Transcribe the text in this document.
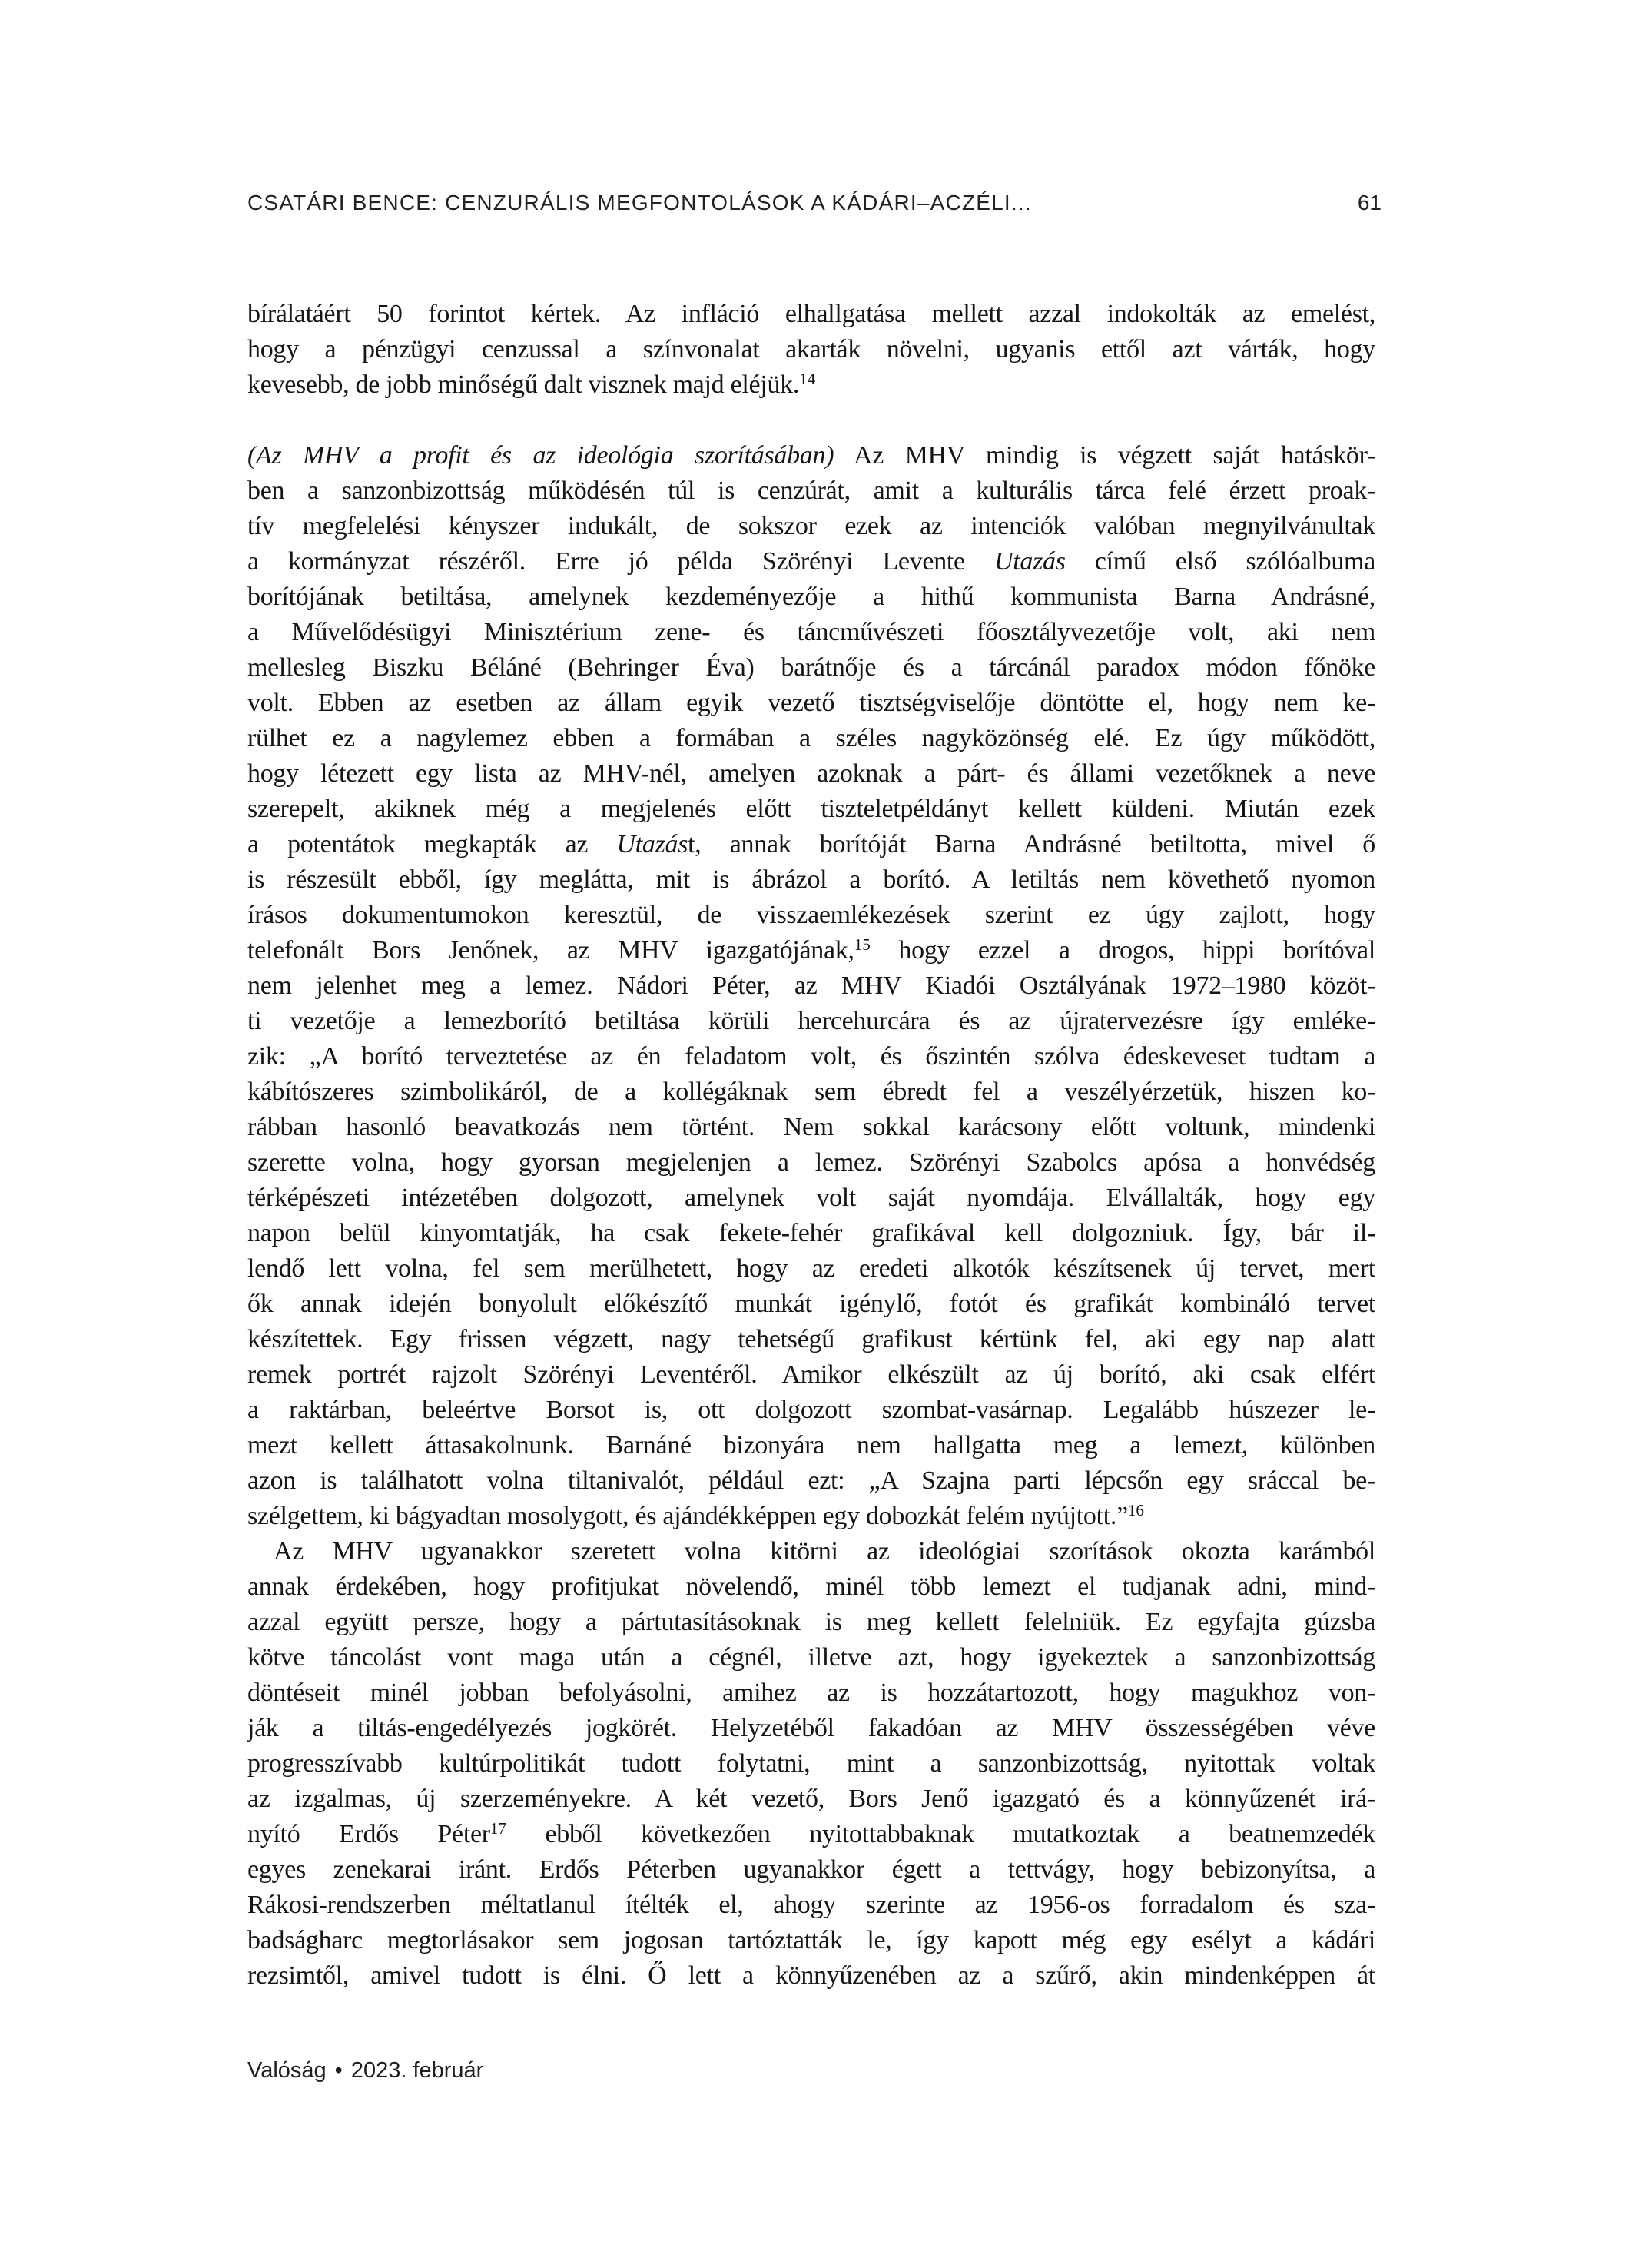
CSATÁRI BENCE: CENZURÁLIS MEGFONTOLÁSOK A KÁDÁRI–ACZÉLI...	61
bírálatáért 50 forintot kértek. Az infláció elhallgatása mellett azzal indokolták az emelést,
hogy a pénzügyi cenzussal a színvonalat akarták növelni, ugyanis ettől azt várták, hogy
kevesebb, de jobb minőségű dalt visznek majd eléjük.$^{14}$
(Az MHV a profit és az ideológia szorításában) Az MHV mindig is végzett saját hatáskör-
ben a sanzonbizottság működésén túl is cenzúrát, amit a kulturális tárca felé érzett proak-
tív megfelelési kényszer indukált, de sokszor ezek az intenciók valóban megnyilvánultak
a kormányzat részéről. Erre jó példa Szörényi Levente Utazás című első szólóalbuma
borítójának betiltása, amelynek kezdeményezője a hithű kommunista Barna Andrásné,
a Művelődésügyi Minisztérium zene- és táncművészeti főosztályvezetője volt, aki nem
mellesleg Biszku Béláné (Behringer Éva) barátnője és a tárcánál paradox módon főnöke
volt. Ebben az esetben az állam egyik vezető tisztségviselője döntötte el, hogy nem ke-
rülhet ez a nagylemez ebben a formában a széles nagyközönség elé. Ez úgy működött,
hogy létezett egy lista az MHV-nél, amelyen azoknak a párt- és állami vezetőknek a neve
szerepelt, akiknek még a megjelenés előtt tiszteletpéldányt kellett küldeni. Miután ezek
a potentátok megkapták az Utazást, annak borítóját Barna Andrásné betiltotta, mivel ő
is részesült ebből, így meglátta, mit is ábrázol a borító. A letiltás nem követhető nyomon
írásos dokumentumokon keresztül, de visszaemlékezések szerint ez úgy zajlott, hogy
telefonált Bors Jenőnek, az MHV igazgatójának,$^{15}$ hogy ezzel a drogos, hippi borítóval
nem jelenhet meg a lemez. Nádori Péter, az MHV Kiadói Osztályának 1972–1980 közöt-
ti vezetője a lemezborító betiltása körüli hercehurcára és az újratervezésre így emléke-
zik: „A borító terveztetése az én feladatom volt, és őszintén szólva édeskeveset tudtam a
kábítószeres szimbolikáról, de a kollégáknak sem ébredt fel a veszélyérzetük, hiszen ko-
rábban hasonló beavatkozás nem történt. Nem sokkal karácsony előtt voltunk, mindenki
szerette volna, hogy gyorsan megjelenjen a lemez. Szörényi Szabolcs apósa a honvédség
térképészeti intézetében dolgozott, amelynek volt saját nyomdája. Elvállalták, hogy egy
napon belül kinyomtatják, ha csak fekete-fehér grafikával kell dolgozniuk. Így, bár il-
lendő lett volna, fel sem merülhetett, hogy az eredeti alkotók készítsenek új tervet, mert
ők annak idején bonyolult előkészítő munkát igénylő, fotót és grafikát kombináló tervet
készítettek. Egy frissen végzett, nagy tehetségű grafikust kértünk fel, aki egy nap alatt
remek portrét rajzolt Szörényi Leventéről. Amikor elkészült az új borító, aki csak elfért
a raktárban, beleértve Borsot is, ott dolgozott szombat-vasárnap. Legalább húszezer le-
mezt kellett áttasakolnunk. Barnáné bizonyára nem hallgatta meg a lemezt, különben
azon is találhatott volna tiltanivalót, például ezt: „A Szajna parti lépcsőn egy sráccal be-
szélgettem, ki bágyadtan mosolygott, és ajándékképpen egy dobozkát felém nyújtott.”$^{16}$
Az MHV ugyanakkor szeretett volna kitörni az ideológiai szorítások okozta karámból
annak érdekében, hogy profitjukat növelendő, minél több lemezt el tudjanak adni, mind-
azzal együtt persze, hogy a pártutasításoknak is meg kellett felelniük. Ez egyfajta gúzsba
kötve táncolást vont maga után a cégnél, illetve azt, hogy igyekeztek a sanzonbizottság
döntéseit minél jobban befolyásolni, amihez az is hozzátartozott, hogy magukhoz von-
ják a tiltás-engedélyezés jogkörét. Helyzetéből fakadóan az MHV összességében véve
progresszívabb kultúrpolitikát tudott folytatni, mint a sanzonbizottság, nyitottak voltak
az izgalmas, új szerzeményekre. A két vezető, Bors Jenő igazgató és a könnyűzenét irá-
nyító Erdős Péter$^{17}$ ebből következően nyitottabbaknak mutatkoztak a beatnemzedék
egyes zenekarai iránt. Erdős Péterben ugyanakkor égett a tettvágy, hogy bebizonyítsa, a
Rákosi-rendszerben méltatlanul ítélték el, ahogy szerinte az 1956-os forradalom és sza-
badságharc megtorlásakor sem jogosan tartóztatták le, így kapott még egy esélyt a kádári
rezsimtől, amivel tudott is élni. Ő lett a könnyűzenében az a szűrő, akin mindenképpen át
Valóság • 2023. február
